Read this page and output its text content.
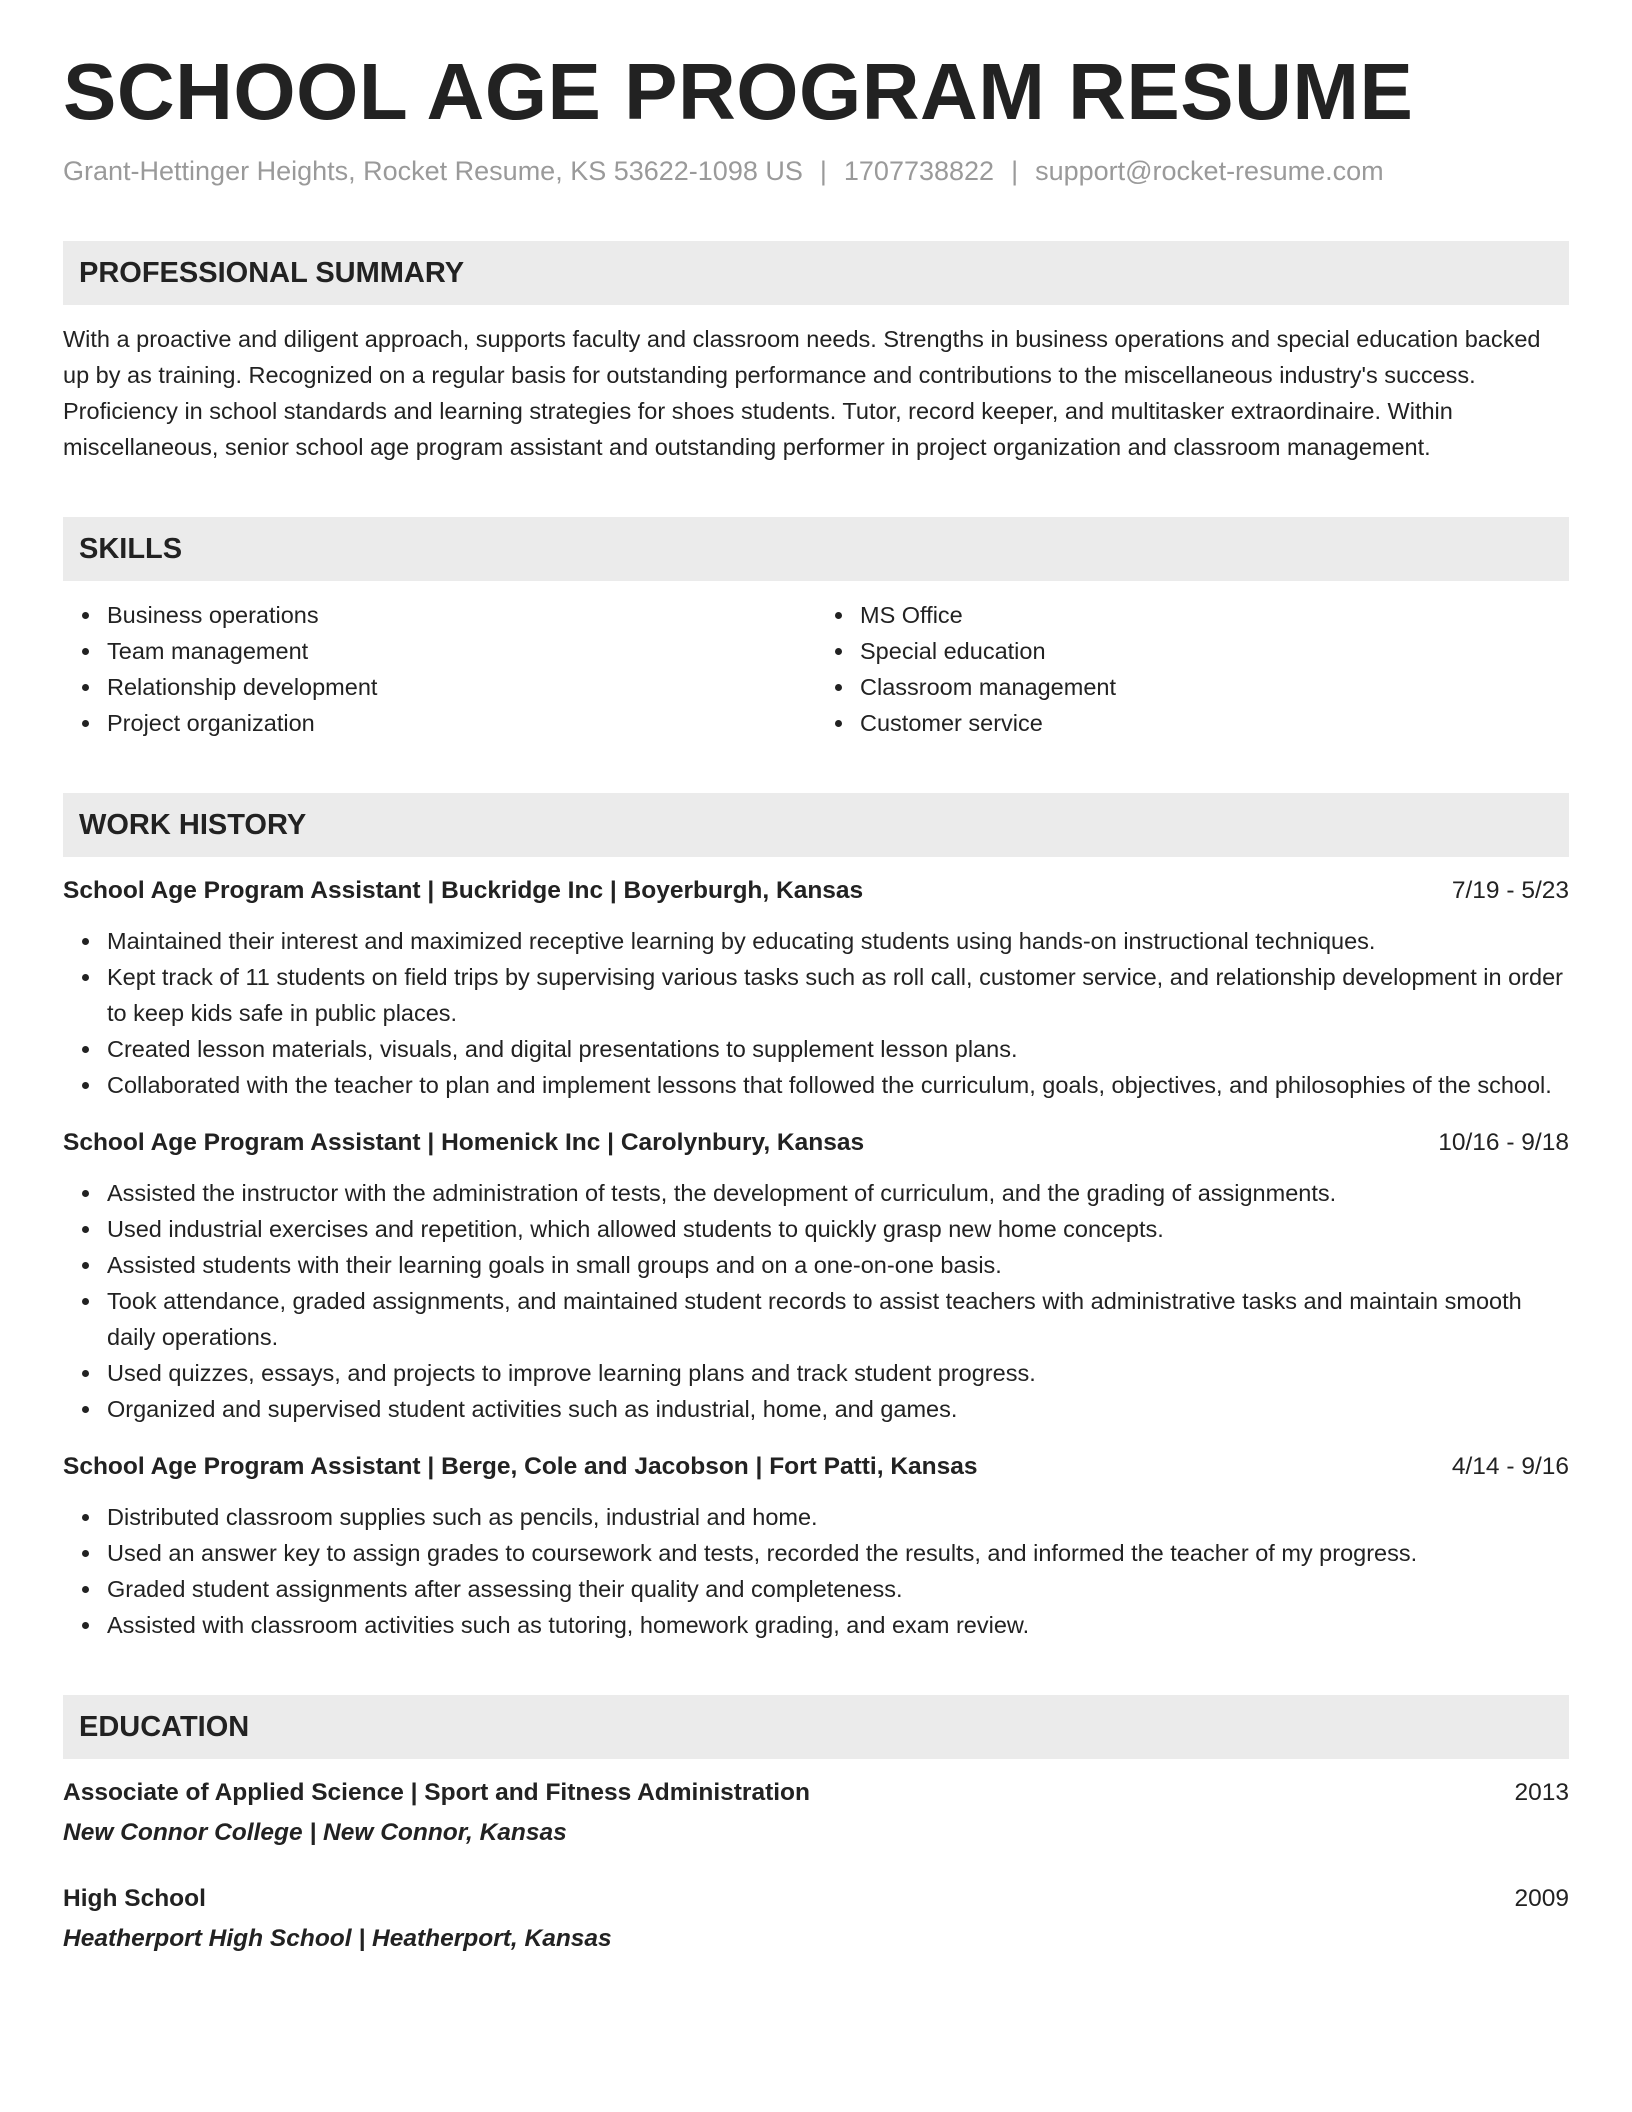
SCHOOL AGE PROGRAM RESUME
Grant-Hettinger Heights, Rocket Resume, KS 53622-1098 US | 1707738822 | support@rocket-resume.com
PROFESSIONAL SUMMARY

With a proactive and diligent approach, supports faculty and classroom needs. Strengths in business operations and special education backed up by as training. Recognized on a regular basis for outstanding performance and contributions to the miscellaneous industry's success. Proficiency in school standards and learning strategies for shoes students. Tutor, record keeper, and multitasker extraordinaire. Within miscellaneous, senior school age program assistant and outstanding performer in project organization and classroom management.

SKILLS
Business operations
Team management
Relationship development
Project organization
MS Office
Special education
Classroom management
Customer service
WORK HISTORY
School Age Program Assistant | Buckridge Inc | Boyerburgh, Kansas	7/19 - 5/23
Maintained their interest and maximized receptive learning by educating students using hands-on instructional techniques.
Kept track of 11 students on field trips by supervising various tasks such as roll call, customer service, and relationship development in order to keep kids safe in public places.
Created lesson materials, visuals, and digital presentations to supplement lesson plans.
Collaborated with the teacher to plan and implement lessons that followed the curriculum, goals, objectives, and philosophies of the school.
School Age Program Assistant | Homenick Inc | Carolynbury, Kansas	10/16 - 9/18
Assisted the instructor with the administration of tests, the development of curriculum, and the grading of assignments.
Used industrial exercises and repetition, which allowed students to quickly grasp new home concepts.
Assisted students with their learning goals in small groups and on a one-on-one basis.
Took attendance, graded assignments, and maintained student records to assist teachers with administrative tasks and maintain smooth daily operations.
Used quizzes, essays, and projects to improve learning plans and track student progress.
Organized and supervised student activities such as industrial, home, and games.
School Age Program Assistant | Berge, Cole and Jacobson | Fort Patti, Kansas	4/14 - 9/16
Distributed classroom supplies such as pencils, industrial and home.
Used an answer key to assign grades to coursework and tests, recorded the results, and informed the teacher of my progress.
Graded student assignments after assessing their quality and completeness.
Assisted with classroom activities such as tutoring, homework grading, and exam review.
EDUCATION
Associate of Applied Science | Sport and Fitness Administration	2013
New Connor College | New Connor, Kansas
High School	2009
Heatherport High School | Heatherport, Kansas
